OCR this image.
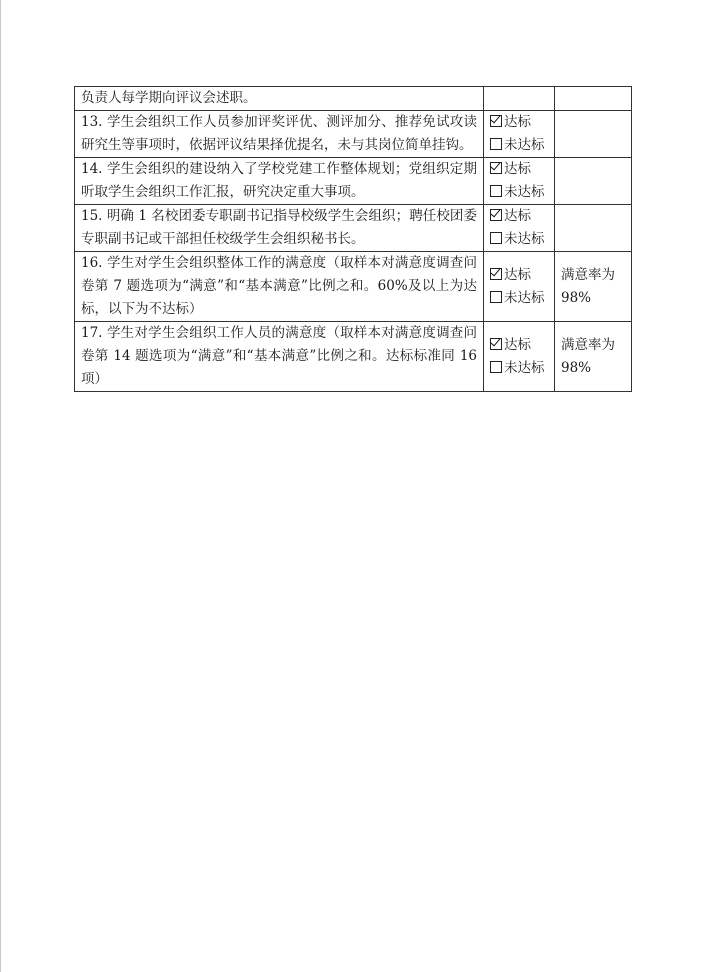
负责人每学期向评议会述职。		
13. 学生会组织工作人员参加评奖评优、测评加分、推荐免试攻读研究生等事项时，依据评议结果择优提名，未与其岗位简单挂钩。	达标
未达标	

14. 学生会组织的建设纳入了学校党建工作整体规划；党组织定期听取学生会组织工作汇报，研究决定重大事项。	达标
未达标	

15. 明确 1 名校团委专职副书记指导校级学生会组织；聘任校团委专职副书记或干部担任校级学生会组织秘书长。	达标
未达标	

16. 学生对学生会组织整体工作的满意度（取样本对满意度调查问卷第 7 题选项为“满意”和“基本满意”比例之和。60%及以上为达标，以下为不达标）	达标
未达标	满意率为98%

17. 学生对学生会组织工作人员的满意度（取样本对满意度调查问卷第 14 题选项为“满意”和“基本满意”比例之和。达标标准同 16 项）	达标
未达标	满意率为98%
